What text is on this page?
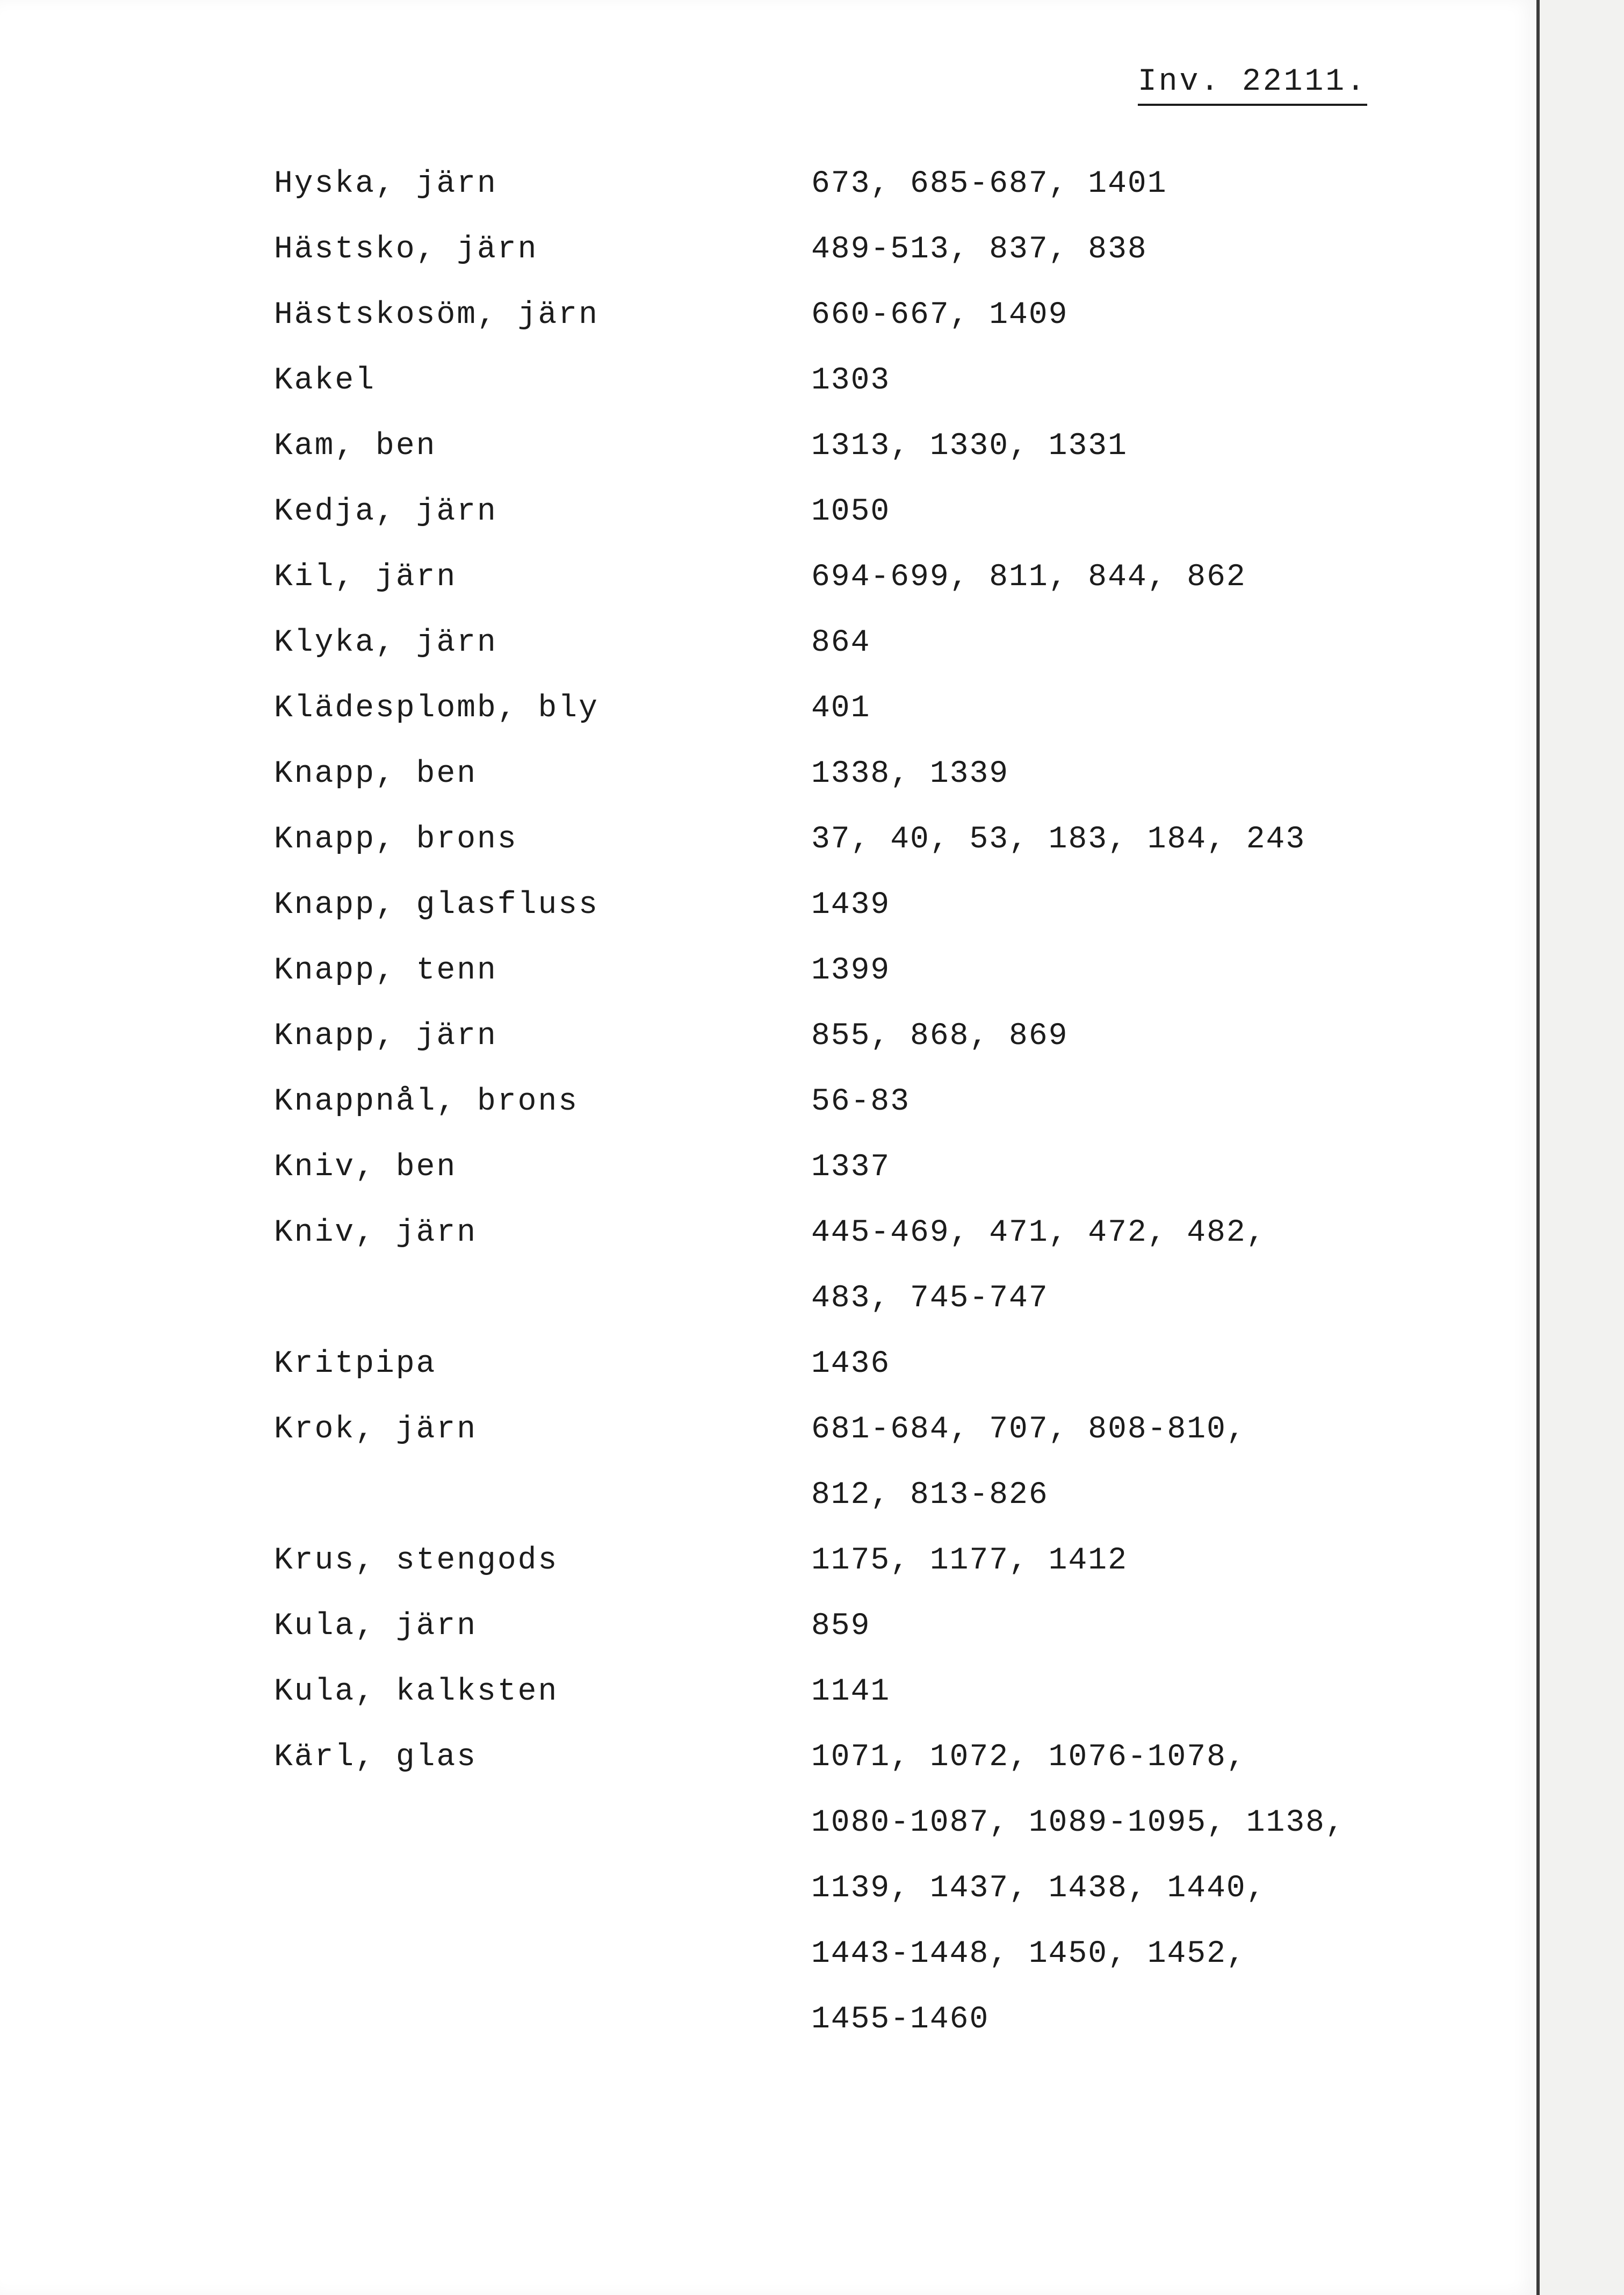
Inv. 22111.
Hyska, järn	673, 685-687, 1401
Hästsko, järn	489-513, 837, 838
Hästskosöm, järn	660-667, 1409
Kakel	1303
Kam, ben	1313, 1330, 1331
Kedja, järn	1050
Kil, järn	694-699, 811, 844, 862
Klyka, järn	864
Klädesplomb, bly	401
Knapp, ben	1338, 1339
Knapp, brons	37, 40, 53, 183, 184, 243
Knapp, glasfluss	1439
Knapp, tenn	1399
Knapp, järn	855, 868, 869
Knappnål, brons	56-83
Kniv, ben	1337
Kniv, järn	445-469, 471, 472, 482,
483, 745-747
Kritpipa	1436
Krok, järn	681-684, 707, 808-810,
812, 813-826
Krus, stengods	1175, 1177, 1412
Kula, järn	859
Kula, kalksten	1141
Kärl, glas	1071, 1072, 1076-1078,
1080-1087, 1089-1095, 1138,
1139, 1437, 1438, 1440,
1443-1448, 1450, 1452,
1455-1460
